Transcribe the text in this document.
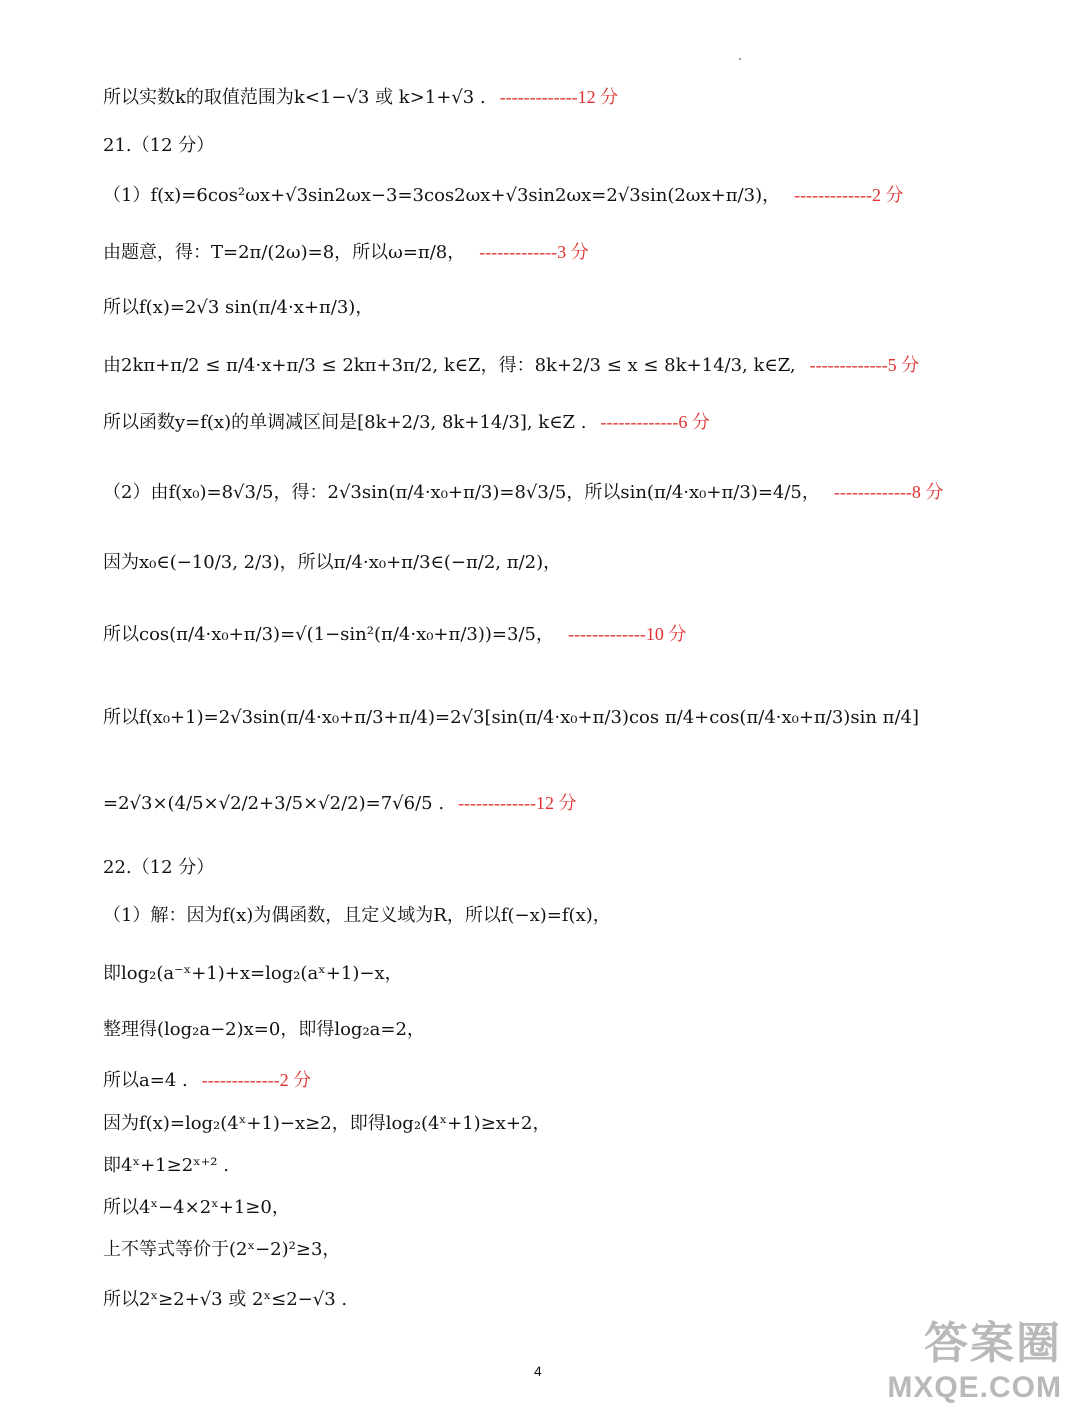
所以实数k的取值范围为k<1−√3 或 k>1+√3 . -------------12 分
21.（12 分）
（1）f(x)=6cos²ωx+√3sin2ωx−3=3cos2ωx+√3sin2ωx=2√3sin(2ωx+π/3)， -------------2 分
由题意，得：T=2π/(2ω)=8，所以ω=π/8， -------------3 分
所以f(x)=2√3 sin(π/4·x+π/3)，
由2kπ+π/2 ≤ π/4·x+π/3 ≤ 2kπ+3π/2, k∈Z，得：8k+2/3 ≤ x ≤ 8k+14/3, k∈Z, -------------5 分
所以函数y=f(x)的单调减区间是[8k+2/3, 8k+14/3], k∈Z . -------------6 分
（2）由f(x₀)=8√3/5，得：2√3sin(π/4·x₀+π/3)=8√3/5，所以sin(π/4·x₀+π/3)=4/5， -------------8 分
因为x₀∈(−10/3, 2/3)，所以π/4·x₀+π/3∈(−π/2, π/2)，
所以cos(π/4·x₀+π/3)=√(1−sin²(π/4·x₀+π/3))=3/5， -------------10 分
所以f(x₀+1)=2√3sin(π/4·x₀+π/3+π/4)=2√3[sin(π/4·x₀+π/3)cos π/4+cos(π/4·x₀+π/3)sin π/4]
=2√3×(4/5×√2/2+3/5×√2/2)=7√6/5 . -------------12 分
22.（12 分）
（1）解：因为f(x)为偶函数，且定义域为R，所以f(−x)=f(x)，
即log₂(a⁻ˣ+1)+x=log₂(aˣ+1)−x，
整理得(log₂a−2)x=0，即得log₂a=2，
所以a=4 . -------------2 分
因为f(x)=log₂(4ˣ+1)−x≥2，即得log₂(4ˣ+1)≥x+2，
即4ˣ+1≥2ˣ⁺² .
所以4ˣ−4×2ˣ+1≥0，
上不等式等价于(2ˣ−2)²≥3，
所以2ˣ≥2+√3 或 2ˣ≤2−√3 .
4
答案圈
MXQE.COM
